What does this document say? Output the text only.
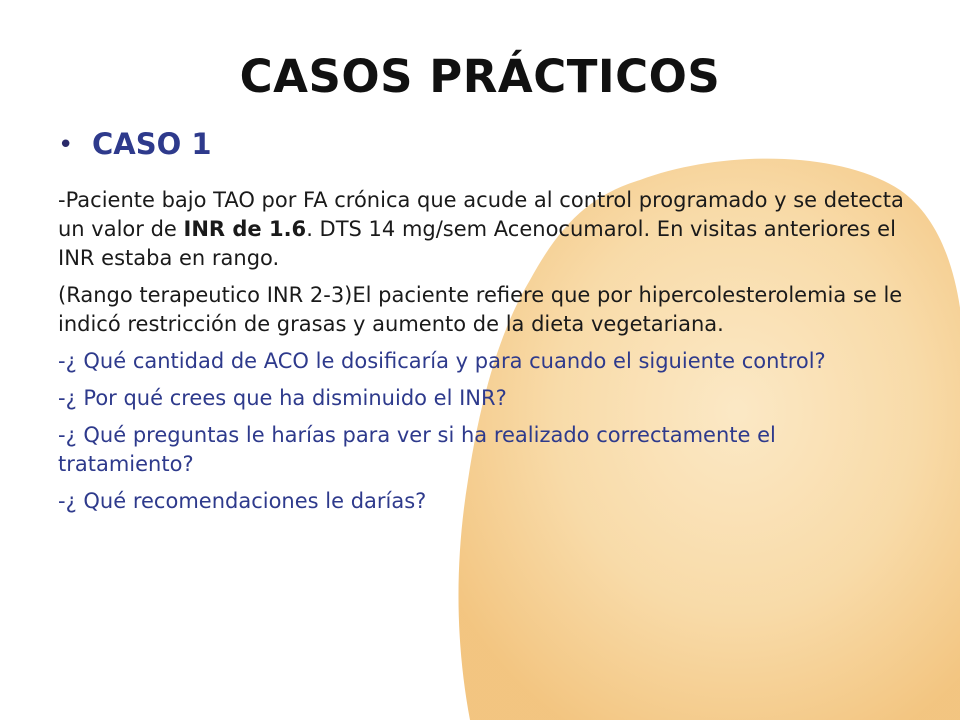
CASOS PRÁCTICOS
• CASO 1

-Paciente bajo TAO por FA crónica que acude al control programado y se detecta un valor de INR de 1.6. DTS 14 mg/sem Acenocumarol. En visitas anteriores el INR estaba en rango.

(Rango terapeutico INR 2-3)El paciente refiere que por hipercolesterolemia se le indicó restricción de grasas y aumento de la dieta vegetariana.

-¿ Qué cantidad de ACO le dosificaría y para cuando el siguiente control?

-¿ Por qué crees que ha disminuido el INR?

-¿ Qué preguntas le harías para ver si ha realizado correctamente el tratamiento?

-¿ Qué recomendaciones le darías?
